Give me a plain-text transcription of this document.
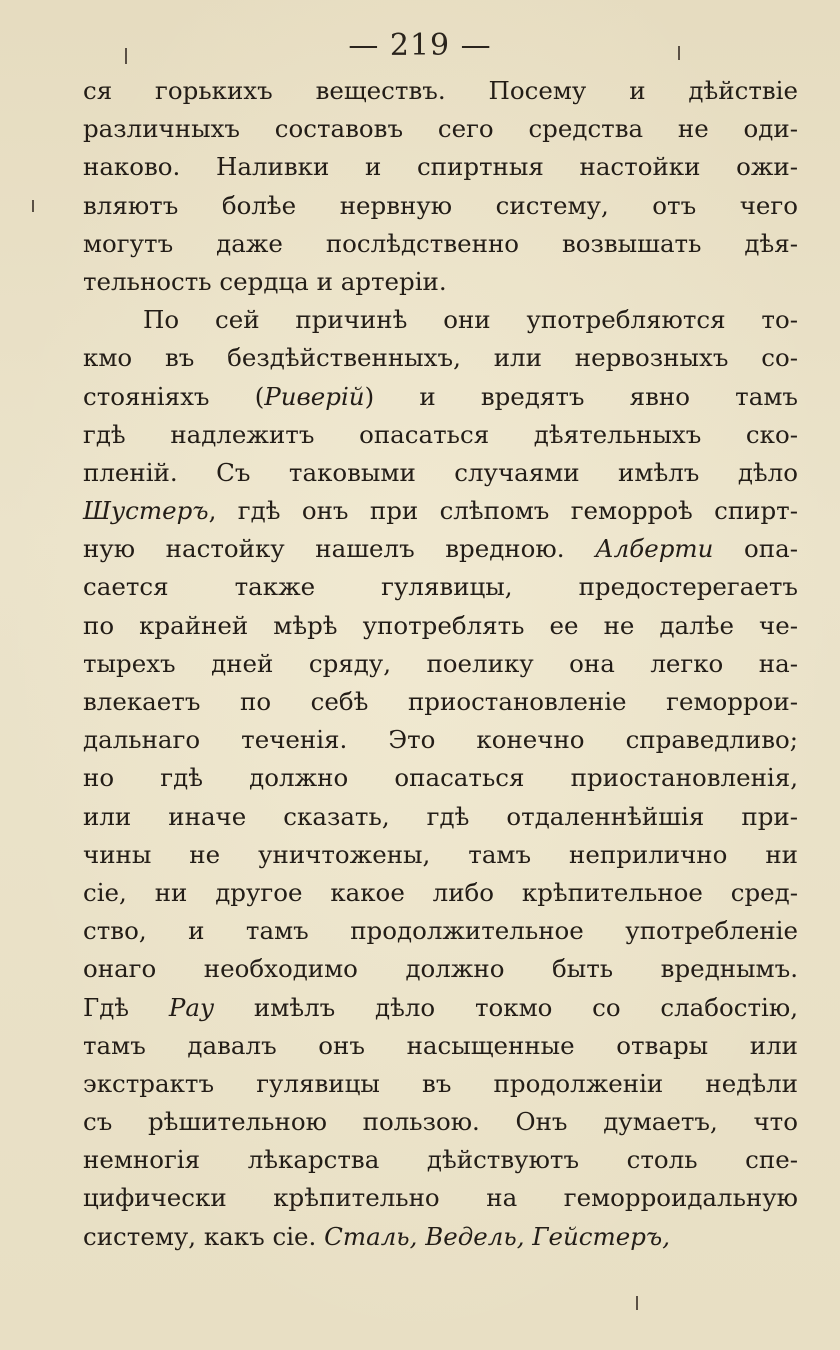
— 219 —
ся горькихъ веществъ. Посему и дѣйствіе
различныхъ составовъ сего средства не оди-
наково. Наливки и спиртныя настойки ожи-
вляютъ болѣе нервную систему, отъ чего
могутъ даже послѣдственно возвышать дѣя-
тельность сердца и артеріи.
По сей причинѣ они употребляются то-
кмо въ бездѣйственныхъ, или нервозныхъ со-
стояніяхъ (Риверій) и вредятъ явно тамъ
гдѣ надлежитъ опасаться дѣятельныхъ ско-
пленій. Съ таковыми случаями имѣлъ дѣло
Шустеръ, гдѣ онъ при слѣпомъ геморроѣ спирт-
ную настойку нашелъ вредною. Алберти опа-
сается также гулявицы, предостерегаетъ
по крайней мѣрѣ употреблять ее не далѣе че-
тырехъ дней сряду, поелику она легко на-
влекаетъ по себѣ приостановленіе геморрои-
дальнаго теченія. Это конечно справедливо;
но гдѣ должно опасаться приостановленія,
или иначе сказать, гдѣ отдаленнѣйшія при-
чины не уничтожены, тамъ неприлично ни
сіе, ни другое какое либо крѣпительное сред-
ство, и тамъ продолжительное употребленіе
онаго необходимо должно быть вреднымъ.
Гдѣ Рау имѣлъ дѣло токмо со слабостію,
тамъ давалъ онъ насыщенные отвары или
экстрактъ гулявицы въ продолженіи недѣли
съ рѣшительною пользою. Онъ думаетъ, что
немногія лѣкарства дѣйствуютъ столь спе-
цифически крѣпительно на геморроидальную
систему, какъ сіе. Сталь, Ведель, Гейстеръ,
